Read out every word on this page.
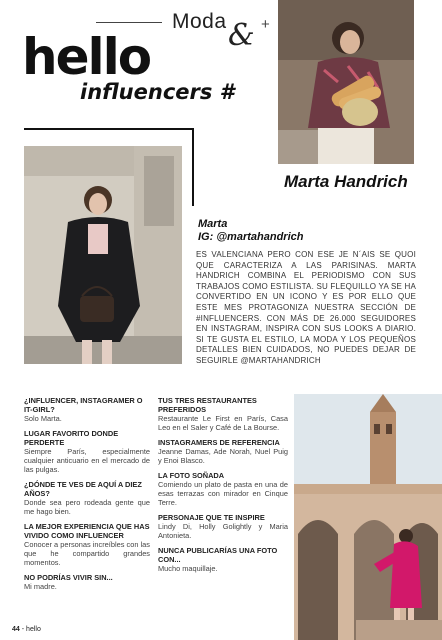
Moda & +
hello
influencers #
Marta Handrich
Marta
IG: @martahandrich
ES VALENCIANA PERO CON ESE JE N´AIS SE QUOI QUE CARACTERIZA A LAS PARISINAS. MARTA HANDRICH COMBINA EL PERIODISMO CON SUS TRABAJOS COMO ESTILISTA. SU FLEQUILLO YA SE HA CONVERTIDO EN UN ICONO Y ES POR ELLO QUE ESTE MES PROTAGONIZA NUESTRA SECCIÓN DE #INFLUENCERS. CON MÁS DE 26.000 SEGUIDORES EN INSTAGRAM, INSPIRA CON SUS LOOKS A DIARIO. SI TE GUSTA EL ESTILO, LA MODA Y LOS PEQUEÑOS DETALLES BIEN CUIDADOS, NO PUEDES DEJAR DE SEGUIRLE @MARTAHANDRICH

¿INFLUENCER, INSTAGRAMER O IT-GIRL?

Solo Marta.

LUGAR FAVORITO DONDE PERDERTE

Siempre París, especialmente cualquier anticuario en el mercado de las pulgas.

¿DÓNDE TE VES DE AQUÍ A DIEZ AÑOS?

Donde sea pero rodeada gente que me hago bien.

LA MEJOR EXPERIENCIA QUE HAS VIVIDO COMO INFLUENCER

Conocer a personas increíbles con las que he compartido grandes momentos.

NO PODRÍAS VIVIR SIN...

Mi madre.

TUS TRES RESTAURANTES PREFERIDOS

Restaurante Le First en París, Casa Leo en el Saler y Café de La Bourse.

INSTAGRAMERS DE REFERENCIA

Jeanne Damas, Ade Norah, Nuel Puig y Enoi Blasco.

LA FOTO SOÑADA

Comiendo un plato de pasta en una de esas terrazas con mirador en Cinque Terre.

PERSONAJE QUE TE INSPIRE

Lindy Di, Holly Golightly y Maria Antonieta.

NUNCA PUBLICARÍAS UNA FOTO CON...

Mucho maquillaje.

44 - hello
